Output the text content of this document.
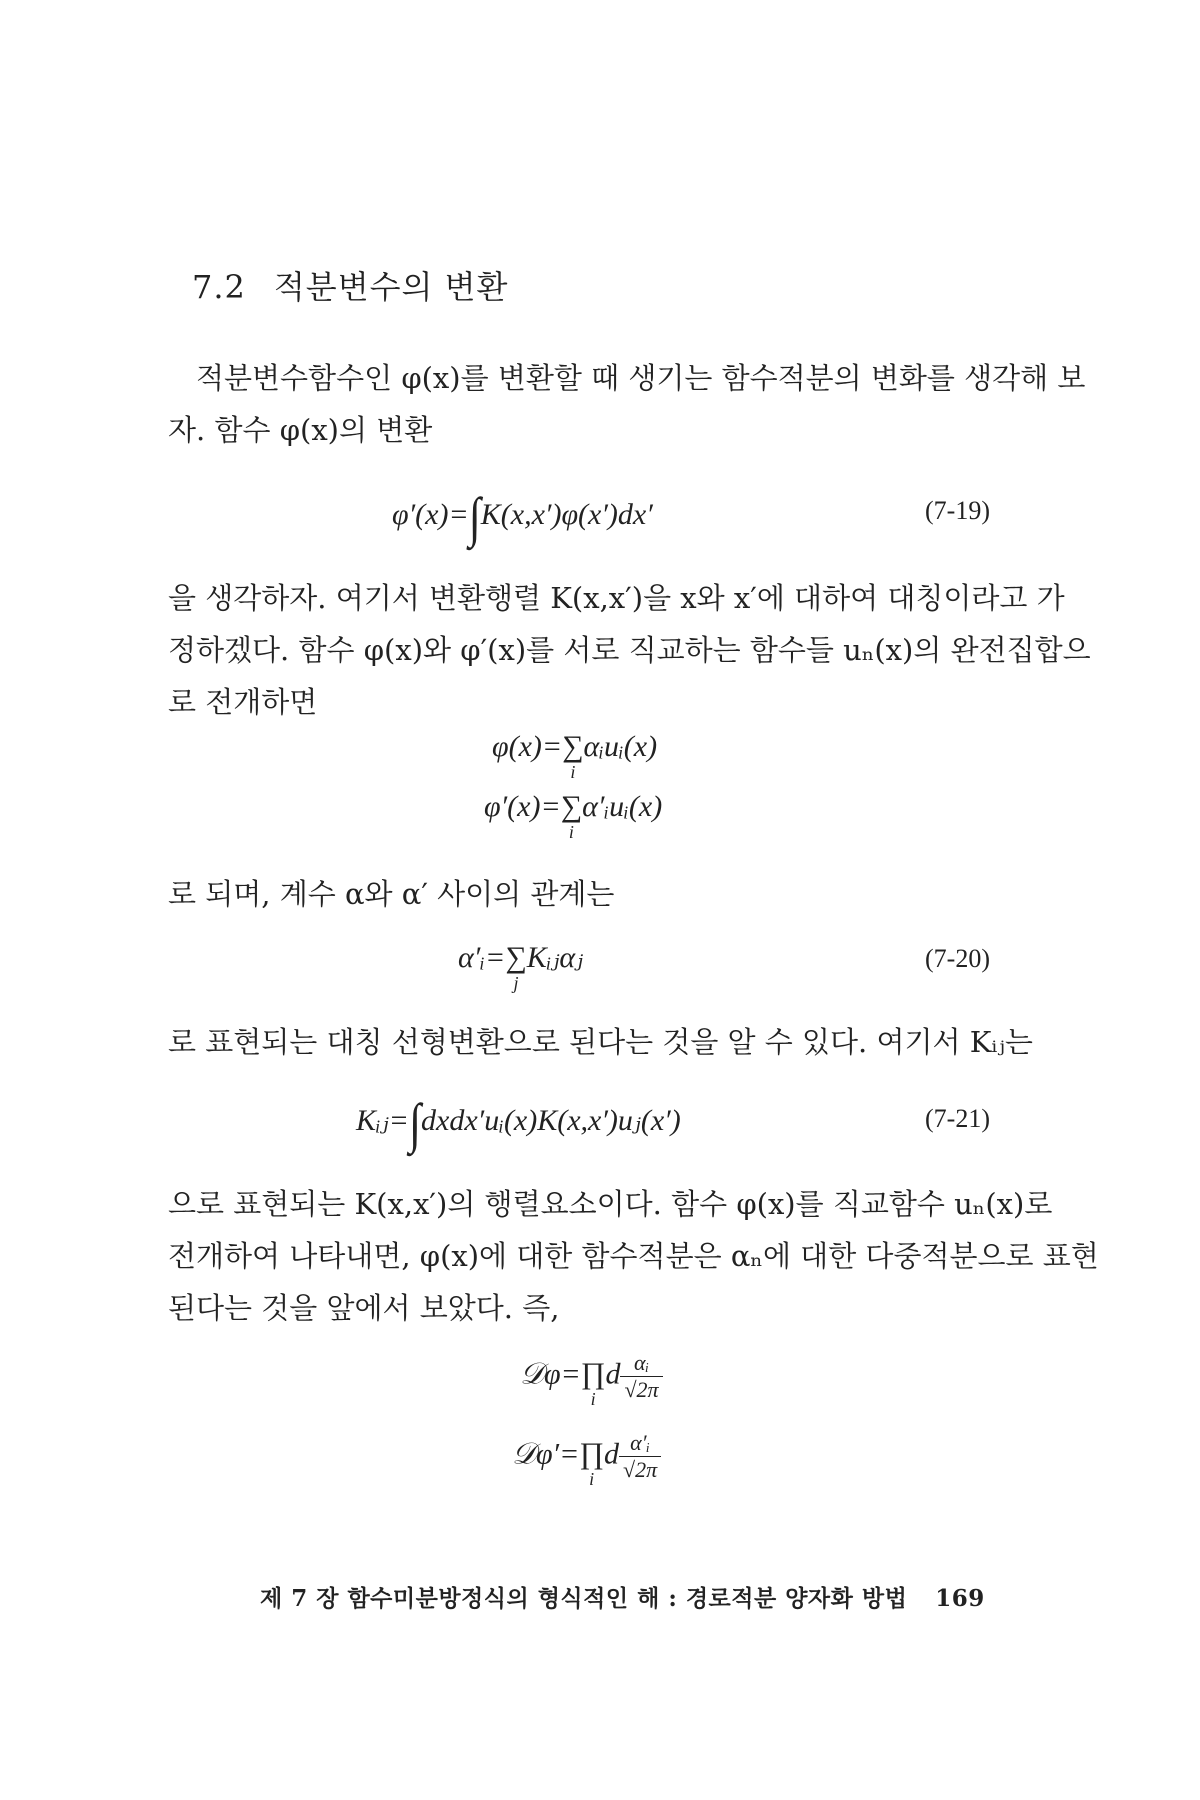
7.2 적분변수의 변환
적분변수함수인 φ(x)를 변환할 때 생기는 함수적분의 변화를 생각해 보
자. 함수 φ(x)의 변환
φ′(x)=∫K(x,x′)φ(x′)dx′	(7-19)
을 생각하자. 여기서 변환행렬 K(x,x′)을 x와 x′에 대하여 대칭이라고 가
정하겠다. 함수 φ(x)와 φ′(x)를 서로 직교하는 함수들 uₙ(x)의 완전집합으
로 전개하면
φ(x)=∑
i
αᵢuᵢ(x)
φ′(x)=∑
i
α′ᵢuᵢ(x)
로 되며, 계수 α와 α′ 사이의 관계는
α′ᵢ=∑
j
Kᵢⱼαⱼ	(7-20)
로 표현되는 대칭 선형변환으로 된다는 것을 알 수 있다. 여기서 Kᵢⱼ는
Kᵢⱼ=∫dxdx′uᵢ(x)K(x,x′)uⱼ(x′)	(7-21)
으로 표현되는 K(x,x′)의 행렬요소이다. 함수 φ(x)를 직교함수 uₙ(x)로
전개하여 나타내면, φ(x)에 대한 함수적분은 αₙ에 대한 다중적분으로 표현
된다는 것을 앞에서 보았다. 즉,
𝒟φ=∏
i
d $\frac{\text{αᵢ}}{√2\pi}$
𝒟φ′=∏
i
d $\frac{\text{α′ᵢ}}{√2\pi}$
제 7 장 함수미분방정식의 형식적인 해 : 경로적분 양자화 방법 169
